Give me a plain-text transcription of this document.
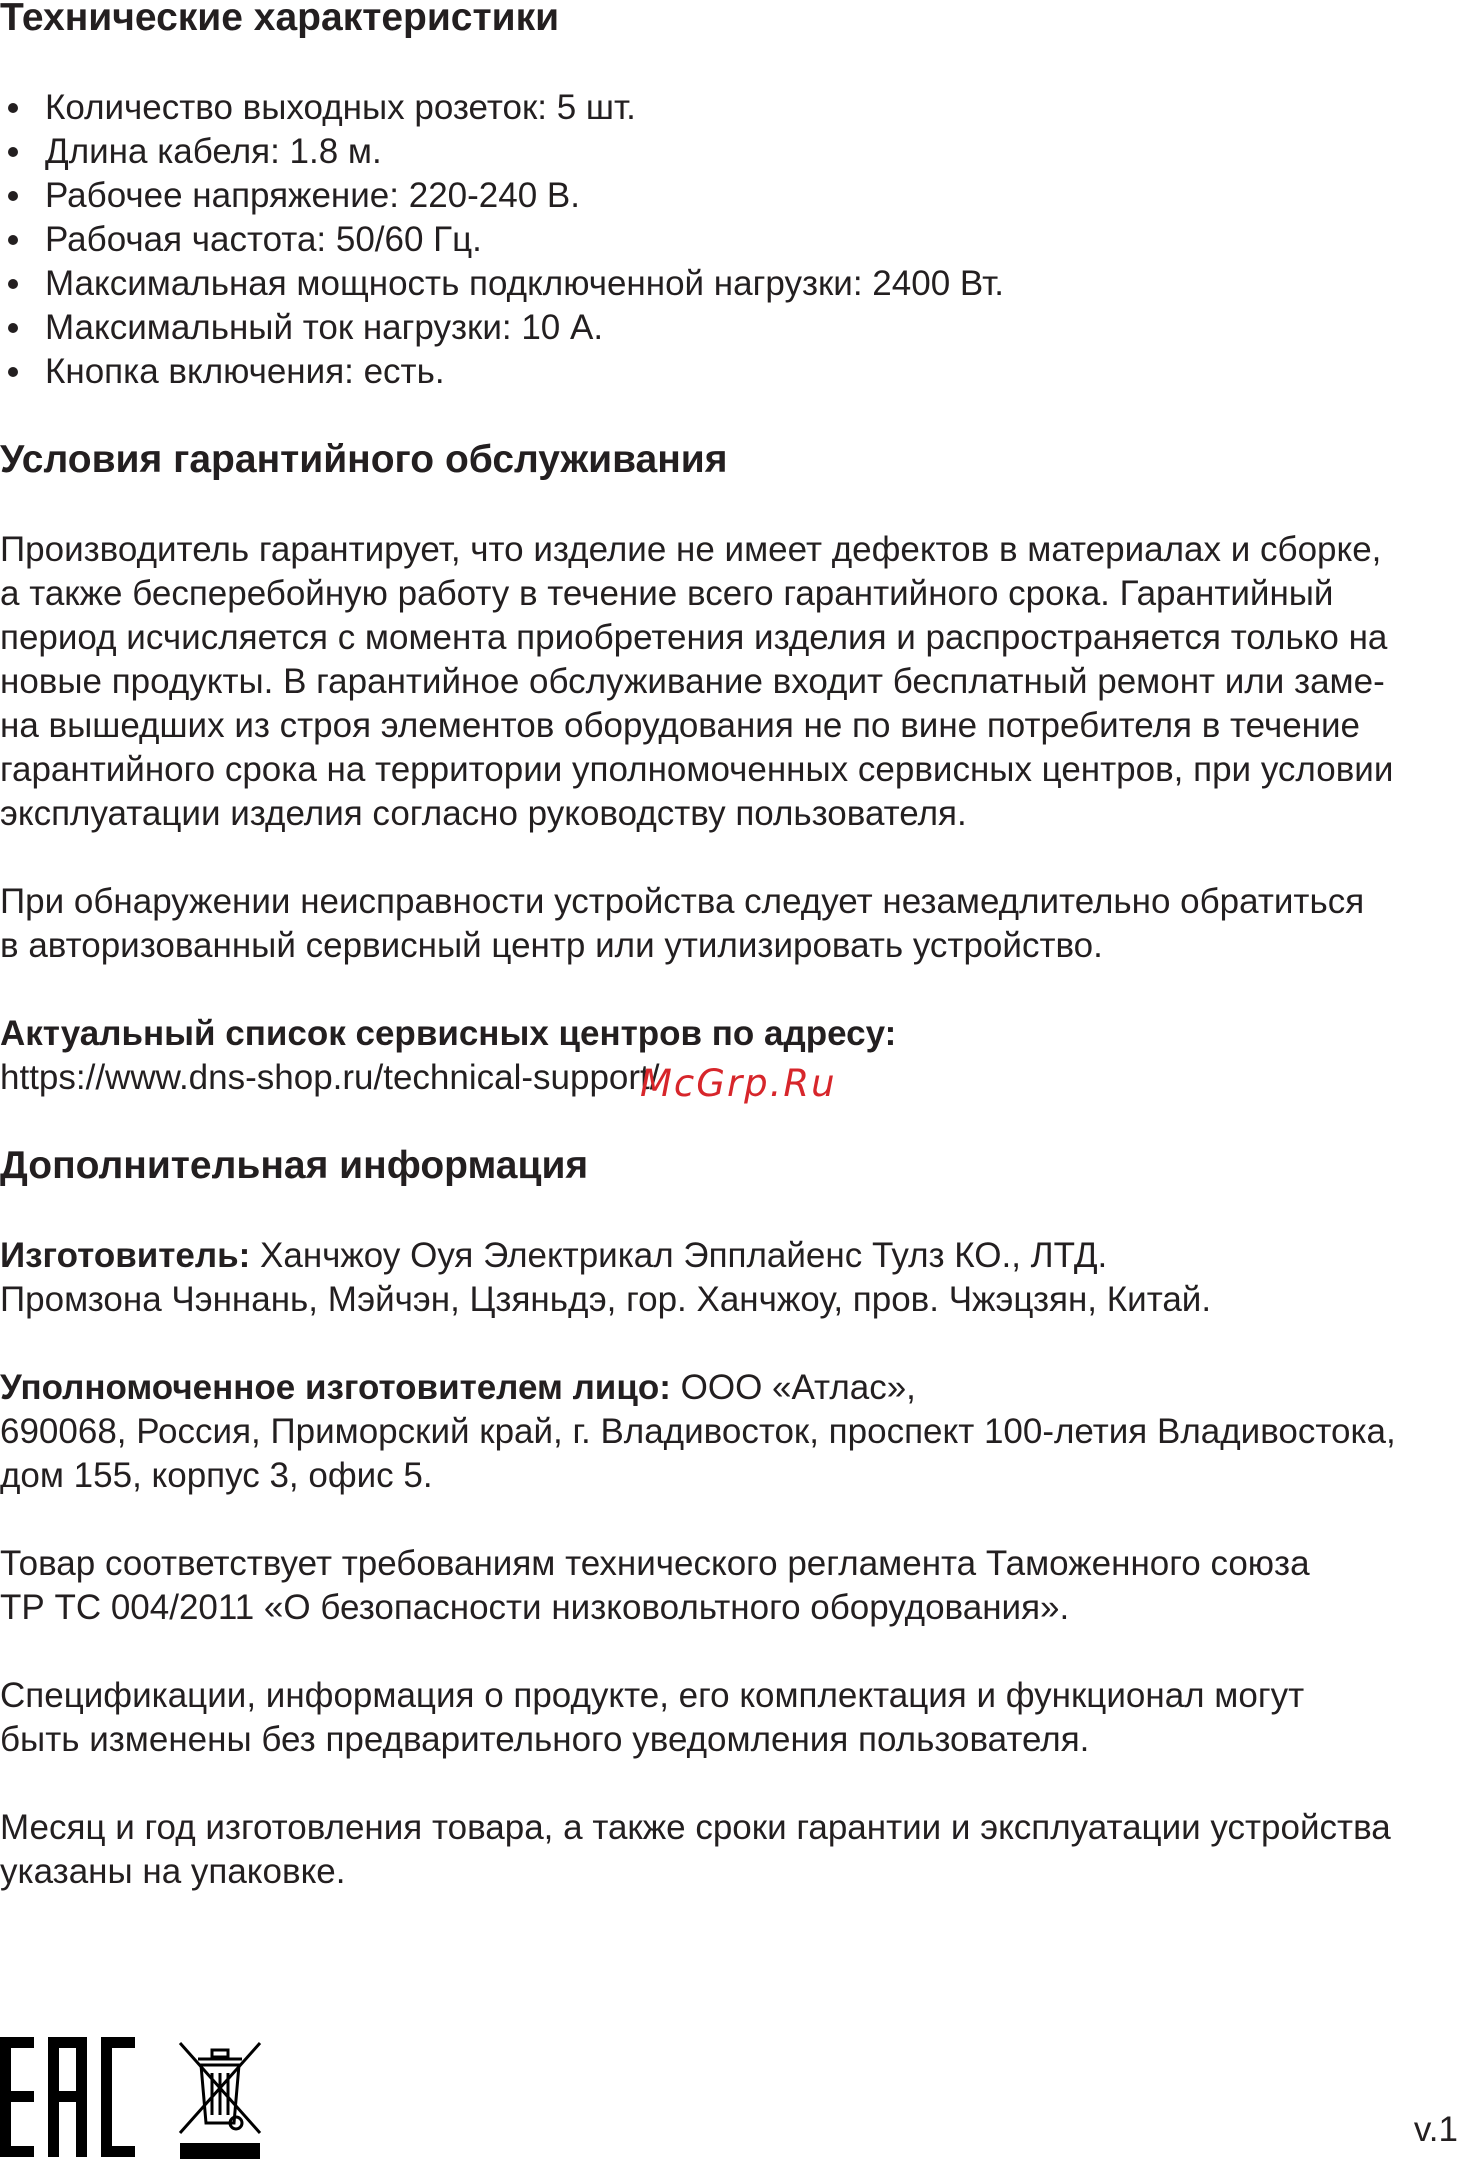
Технические характеристики
Количество выходных розеток: 5 шт.
Длина кабеля: 1.8 м.
Рабочее напряжение: 220-240 В.
Рабочая частота: 50/60 Гц.
Максимальная мощность подключенной нагрузки: 2400 Вт.
Максимальный ток нагрузки: 10 А.
Кнопка включения: есть.
Условия гарантийного обслуживания
Производитель гарантирует, что изделие не имеет дефектов в материалах и сборке,
а также бесперебойную работу в течение всего гарантийного срока. Гарантийный
период исчисляется с момента приобретения изделия и распространяется только на
новые продукты. В гарантийное обслуживание входит бесплатный ремонт или заме-
на вышедших из строя элементов оборудования не по вине потребителя в течение
гарантийного срока на территории уполномоченных сервисных центров, при условии
эксплуатации изделия согласно руководству пользователя.
При обнаружении неисправности устройства следует незамедлительно обратиться
в авторизованный сервисный центр или утилизировать устройство.
Актуальный список сервисных центров по адресу:
https://www.dns-shop.ru/technical-support/
McGrp.Ru
Дополнительная информация
Изготовитель: Ханчжоу Оуя Электрикал Эпплайенс Тулз КО., ЛТД.
Промзона Чэннань, Мэйчэн, Цзяньдэ, гор. Ханчжоу, пров. Чжэцзян, Китай.
Уполномоченное изготовителем лицо: ООО «Атлас»,
690068, Россия, Приморский край, г. Владивосток, проспект 100-летия Владивостока,
дом 155, корпус 3, офис 5.
Товар соответствует требованиям технического регламента Таможенного союза
ТР ТС 004/2011 «О безопасности низковольтного оборудования».
Спецификации, информация о продукте, его комплектация и функционал могут
быть изменены без предварительного уведомления пользователя.
Месяц и год изготовления товара, а также сроки гарантии и эксплуатации устройства
указаны на упаковке.
v.1
